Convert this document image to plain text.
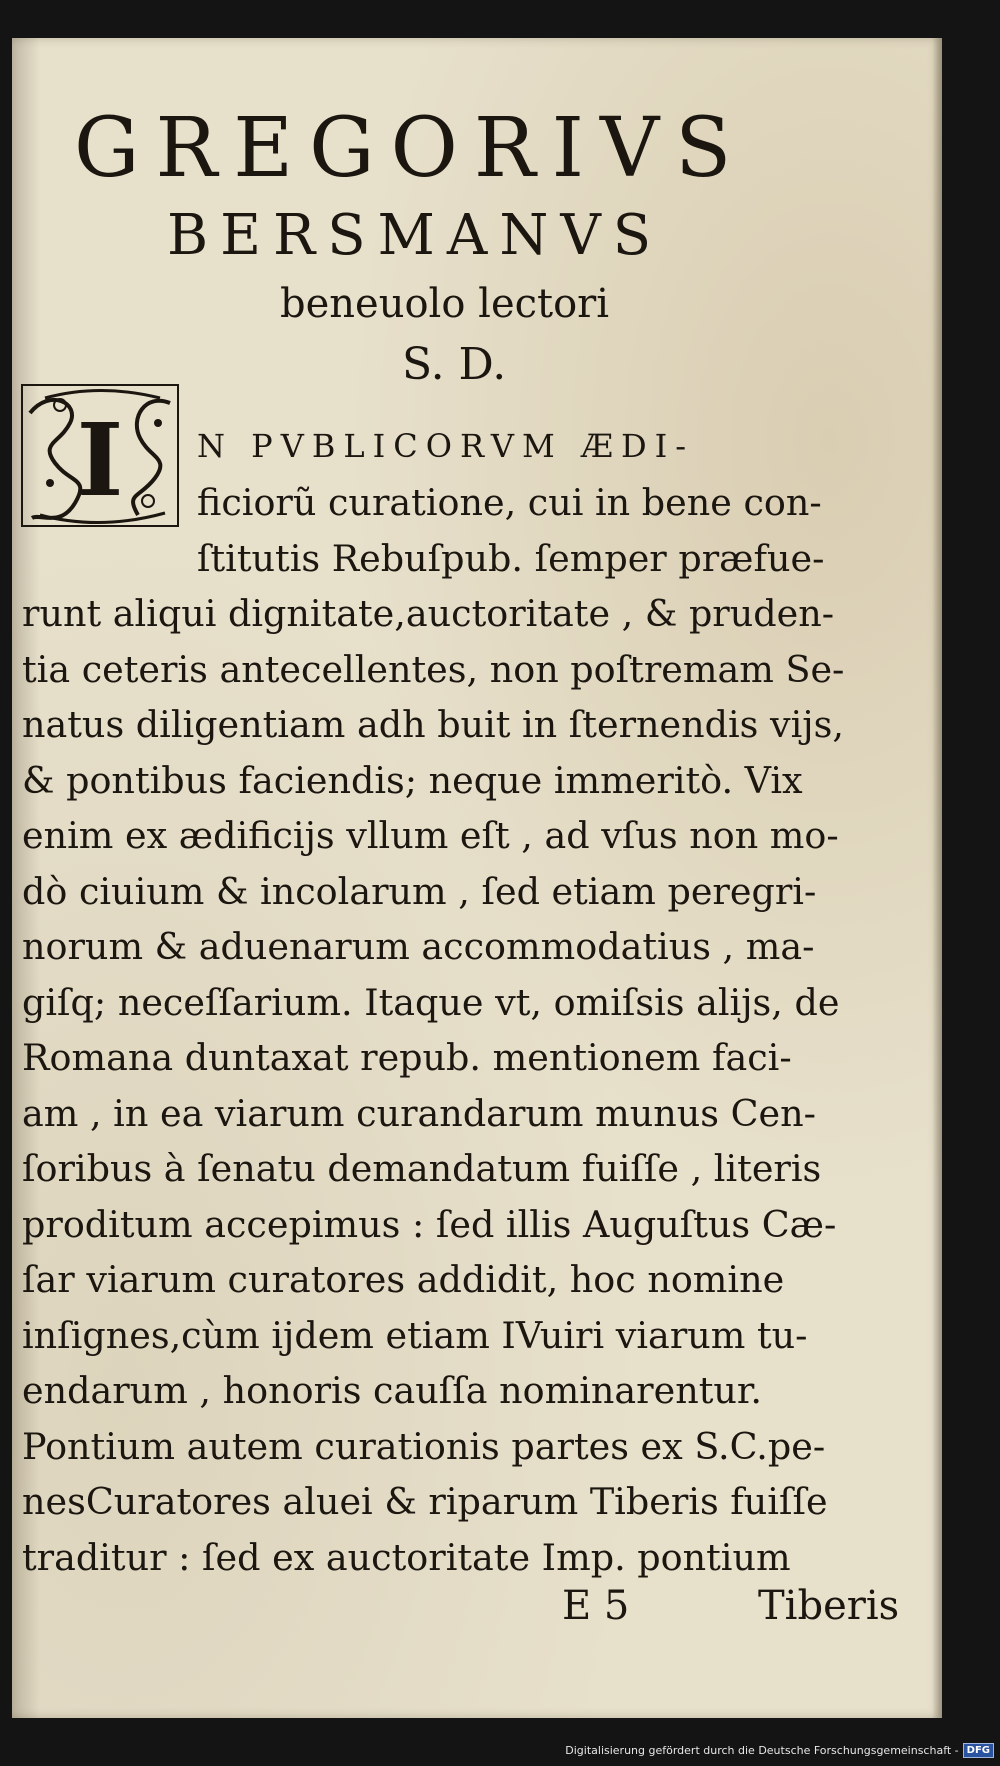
GREGORIVS
BERSMANVS
beneuolo lectori
S. D.
I N PVBLICORVM ÆDI-
ficiorũ curatione, cui in bene con-
ſtitutis Rebuſpub. ſemper præfue-
runt aliqui dignitate,auctoritate , & pruden-
tia ceteris antecellentes, non poſtremam Se-
natus diligentiam adh buit in ſternendis vijs,
& pontibus faciendis; neque immeritò. Vix
enim ex ædificijs vllum eſt , ad vſus non mo-
dò ciuium & incolarum , ſed etiam peregri-
norum & aduenarum accommodatius , ma-
giſq; neceſſarium. Itaque vt, omiſsis alijs, de
Romana duntaxat repub. mentionem faci-
am , in ea viarum curandarum munus Cen-
ſoribus à ſenatu demandatum fuiſſe , literis
proditum accepimus : ſed illis Auguſtus Cæ-
ſar viarum curatores addidit, hoc nomine
inſignes,cùm ijdem etiam IVuiri viarum tu-
endarum , honoris cauſſa nominarentur.
Pontium autem curationis partes ex S.C.pe-
nesCuratores aluei & riparum Tiberis fuiſſe
traditur : ſed ex auctoritate Imp. pontium
E 5	Tiberis
Digitalisierung gefördert durch die Deutsche Forschungsgemeinschaft - DFG
